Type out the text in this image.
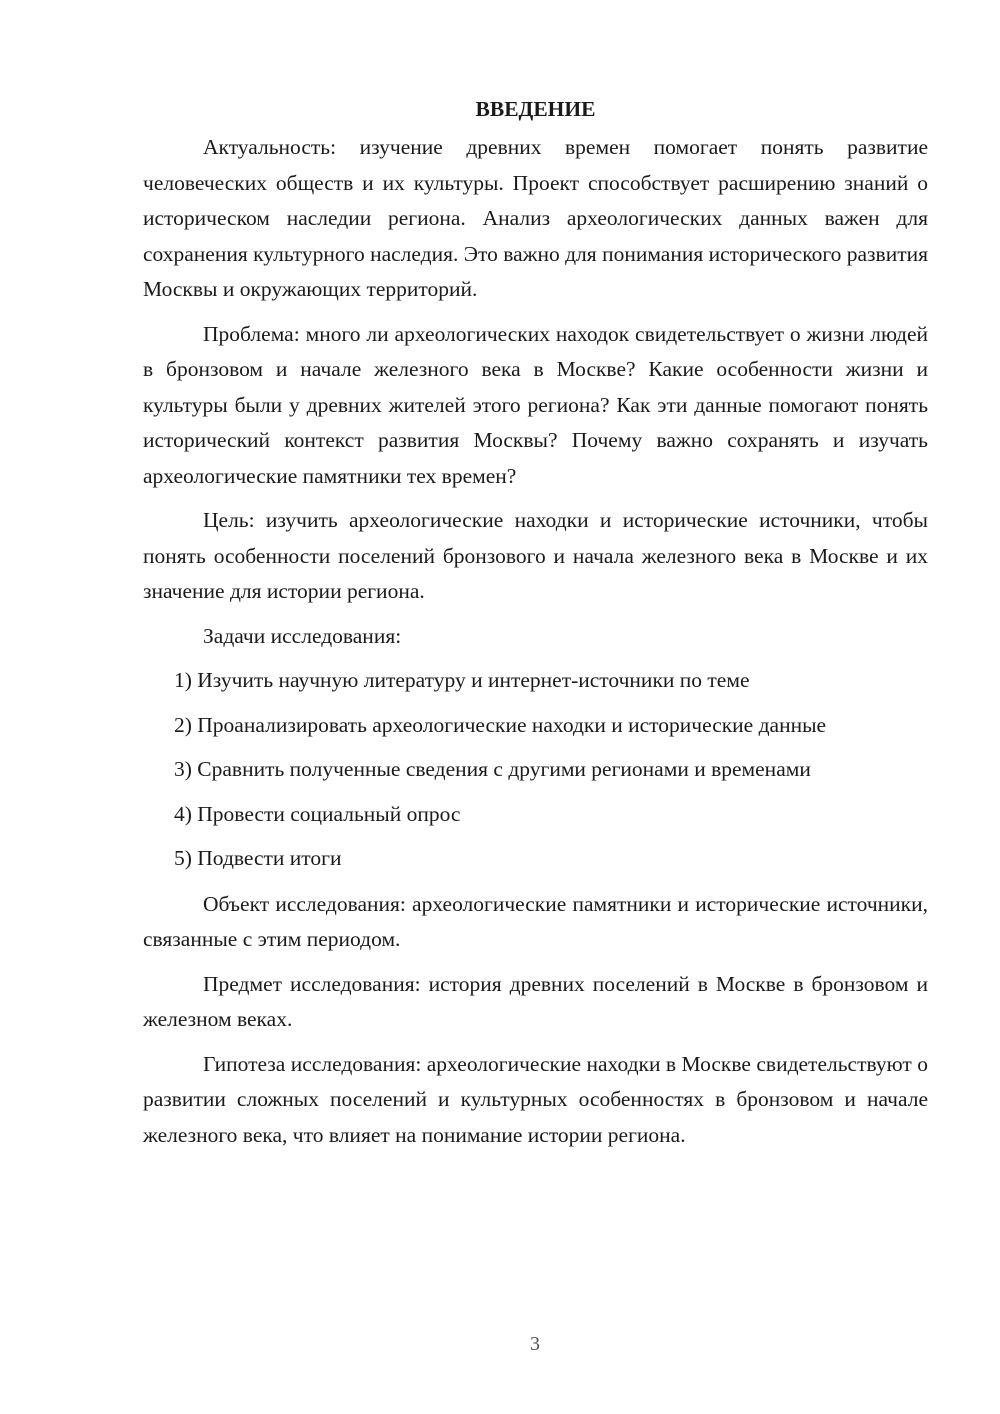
ВВЕДЕНИЕ

Актуальность: изучение древних времен помогает понять развитие человеческих обществ и их культуры. Проект способствует расширению знаний о историческом наследии региона. Анализ археологических данных важен для сохранения культурного наследия. Это важно для понимания исторического развития Москвы и окружающих территорий.

Проблема: много ли археологических находок свидетельствует о жизни людей в бронзовом и начале железного века в Москве? Какие особенности жизни и культуры были у древних жителей этого региона? Как эти данные помогают понять исторический контекст развития Москвы? Почему важно сохранять и изучать археологические памятники тех времен?

Цель: изучить археологические находки и исторические источники, чтобы понять особенности поселений бронзового и начала железного века в Москве и их значение для истории региона.

Задачи исследования:

1) Изучить научную литературу и интернет-источники по теме

2) Проанализировать археологические находки и исторические данные

3) Сравнить полученные сведения с другими регионами и временами

4) Провести социальный опрос

5) Подвести итоги

Объект исследования: археологические памятники и исторические источники, связанные с этим периодом.

Предмет исследования: история древних поселений в Москве в бронзовом и железном веках.

Гипотеза исследования: археологические находки в Москве свидетельствуют о развитии сложных поселений и культурных особенностях в бронзовом и начале железного века, что влияет на понимание истории региона.

3
